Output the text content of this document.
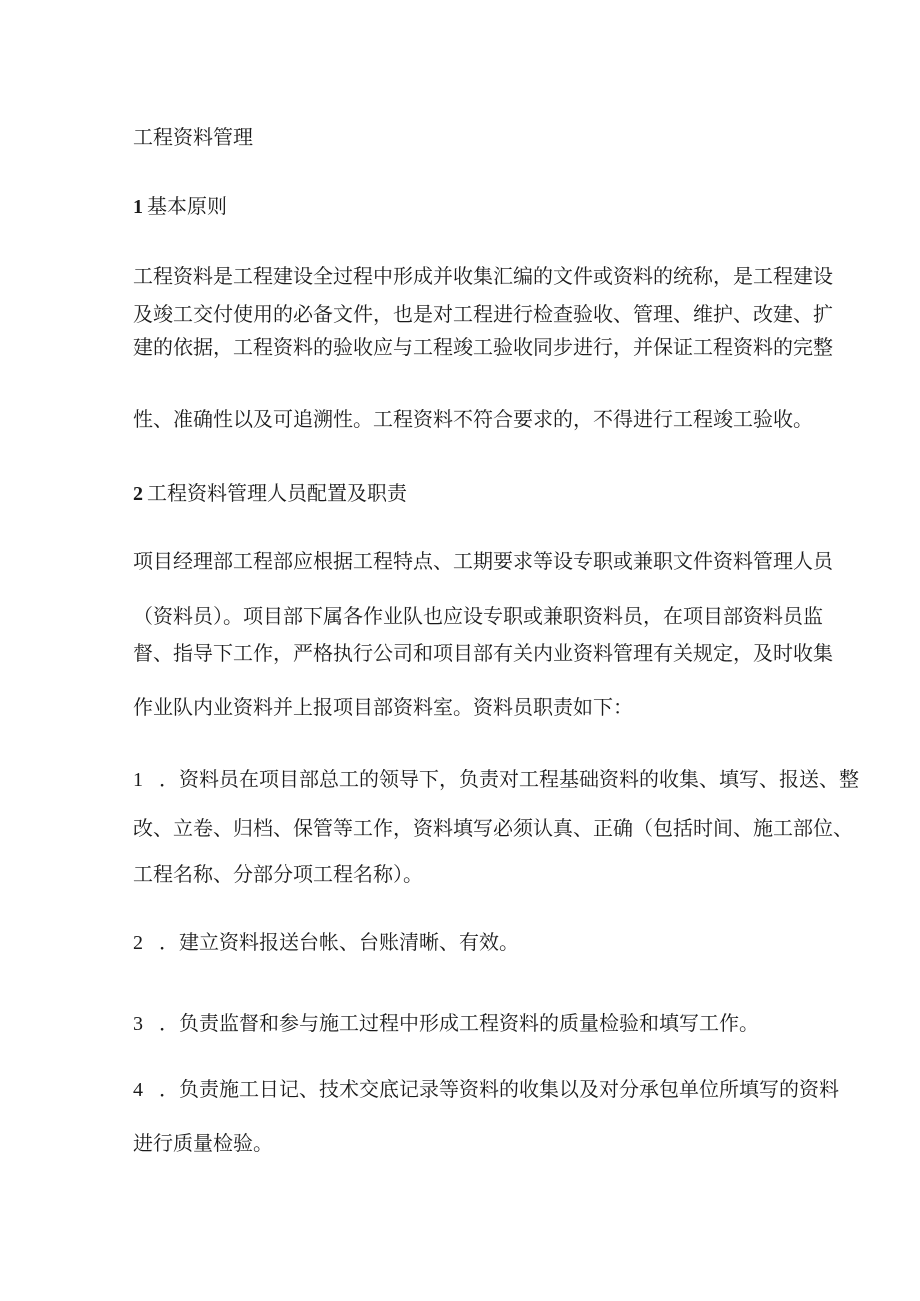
工程资料管理
1 基本原则
工程资料是工程建设全过程中形成并收集汇编的文件或资料的统称，是工程建设
及竣工交付使用的必备文件，也是对工程进行检查验收、管理、维护、改建、扩
建的依据，工程资料的验收应与工程竣工验收同步进行，并保证工程资料的完整
性、准确性以及可追溯性。工程资料不符合要求的，不得进行工程竣工验收。
2 工程资料管理人员配置及职责
项目经理部工程部应根据工程特点、工期要求等设专职或兼职文件资料管理人员
（资料员）。项目部下属各作业队也应设专职或兼职资料员，在项目部资料员监
督、指导下工作，严格执行公司和项目部有关内业资料管理有关规定，及时收集
作业队内业资料并上报项目部资料室。资料员职责如下：
1 ．资料员在项目部总工的领导下，负责对工程基础资料的收集、填写、报送、整
改、立卷、归档、保管等工作，资料填写必须认真、正确（包括时间、施工部位、
工程名称、分部分项工程名称）。
2 ．建立资料报送台帐、台账清晰、有效。
3 ．负责监督和参与施工过程中形成工程资料的质量检验和填写工作。
4 ．负责施工日记、技术交底记录等资料的收集以及对分承包单位所填写的资料
进行质量检验。
